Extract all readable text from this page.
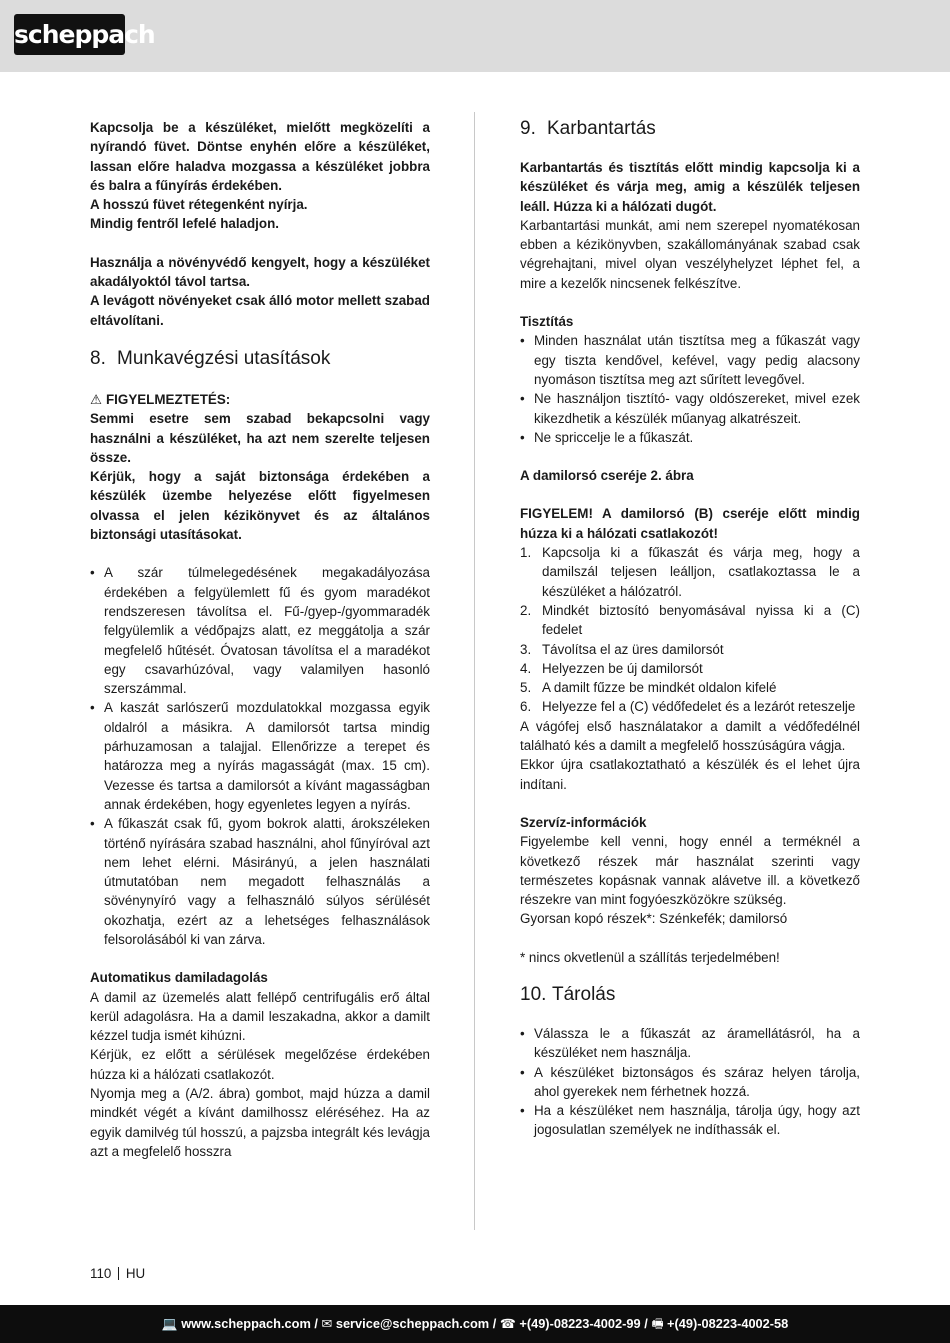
scheppach

Kapcsolja be a készüléket, mielőtt megközelíti a nyírandó füvet. Döntse enyhén előre a készüléket, lassan előre haladva mozgassa a készüléket jobbra és balra a fűnyírás érdekében.

A hosszú füvet rétegenként nyírja.

Mindig fentről lefelé haladjon.

Használja a növényvédő kengyelt, hogy a készüléket akadályoktól távol tartsa.

A levágott növényeket csak álló motor mellett szabad eltávolítani.

8. Munkavégzési utasítások

⚠ FIGYELMEZTETÉS:

Semmi esetre sem szabad bekapcsolni vagy használni a készüléket, ha azt nem szerelte teljesen össze.

Kérjük, hogy a saját biztonsága érdekében a készülék üzembe helyezése előtt figyelmesen olvassa el jelen kézikönyvet és az általános biztonsági utasításokat.

• A szár túlmelegedésének megakadályozása érdekében a felgyülemlett fű és gyom maradékot rendszeresen távolítsa el. Fű-/gyep-/gyommaradék felgyülemlik a védőpajzs alatt, ez meggátolja a szár megfelelő hűtését. Óvatosan távolítsa el a maradékot egy csavarhúzóval, vagy valamilyen hasonló szerszámmal.
• A kaszát sarlószerű mozdulatokkal mozgassa egyik oldalról a másikra. A damilorsót tartsa mindig párhuzamosan a talajjal. Ellenőrizze a terepet és határozza meg a nyírás magasságát (max. 15 cm). Vezesse és tartsa a damilorsót a kívánt magasságban annak érdekében, hogy egyenletes legyen a nyírás.
• A fűkaszát csak fű, gyom bokrok alatti, árokszéleken történő nyírására szabad használni, ahol fűnyíróval azt nem lehet elérni. Másirányú, a jelen használati útmutatóban nem megadott felhasználás a sövénynyíró vagy a felhasználó súlyos sérülését okozhatja, ezért az a lehetséges felhasználások felsorolásából ki van zárva.

Automatikus damiladagolás

A damil az üzemelés alatt fellépő centrifugális erő által kerül adagolásra. Ha a damil leszakadna, akkor a damilt kézzel tudja ismét kihúzni.

Kérjük, ez előtt a sérülések megelőzése érdekében húzza ki a hálózati csatlakozót.

Nyomja meg a (A/2. ábra) gombot, majd húzza a damil mindkét végét a kívánt damilhossz eléréséhez. Ha az egyik damilvég túl hosszú, a pajzsba integrált kés levágja azt a megfelelő hosszra

9. Karbantartás

Karbantartás és tisztítás előtt mindig kapcsolja ki a készüléket és várja meg, amig a készülék teljesen leáll. Húzza ki a hálózati dugót.

Karbantartási munkát, ami nem szerepel nyomatékosan ebben a kézikönyvben, szakállományának szabad csak végrehajtani, mivel olyan veszélyhelyzet léphet fel, a mire a kezelők nincsenek felkészítve.

Tisztítás

• Minden használat után tisztítsa meg a fűkaszát vagy egy tiszta kendővel, kefével, vagy pedig alacsony nyomáson tisztítsa meg azt sűrített levegővel.
• Ne használjon tisztító- vagy oldószereket, mivel ezek kikezdhetik a készülék műanyag alkatrészeit.
• Ne spriccelje le a fűkaszát.

A damilorsó cseréje 2. ábra

FIGYELEM! A damilorsó (B) cseréje előtt mindig húzza ki a hálózati csatlakozót!

1. Kapcsolja ki a fűkaszát és várja meg, hogy a damilszál teljesen leálljon, csatlakoztassa le a készüléket a hálózatról.
2. Mindkét biztosító benyomásával nyissa ki a (C) fedelet
3. Távolítsa el az üres damilorsót
4. Helyezzen be új damilorsót
5. A damilt fűzze be mindkét oldalon kifelé
6. Helyezze fel a (C) védőfedelet és a lezárót reteszelje

A vágófej első használatakor a damilt a védőfedélnél található kés a damilt a megfelelő hosszúságúra vágja.

Ekkor újra csatlakoztatható a készülék és el lehet újra indítani.

Szervíz-információk

Figyelembe kell venni, hogy ennél a terméknél a következő részek már használat szerinti vagy természetes kopásnak vannak alávetve ill. a következő részekre van mint fogyóeszközökre szükség.

Gyorsan kopó részek*: Szénkefék; damilorsó

* nincs okvetlenül a szállítás terjedelmében!

10. Tárolás
• Válassza le a fűkaszát az áramellátásról, ha a készüléket nem használja.
• A készüléket biztonságos és száraz helyen tárolja, ahol gyerekek nem férhetnek hozzá.
• Ha a készüléket nem használja, tárolja úgy, hogy azt jogosulatlan személyek ne indíthassák el.
110 HU
💻 www.scheppach.com / ✉ service@scheppach.com / ☎ +(49)-08223-4002-99 / 🖷 +(49)-08223-4002-58
